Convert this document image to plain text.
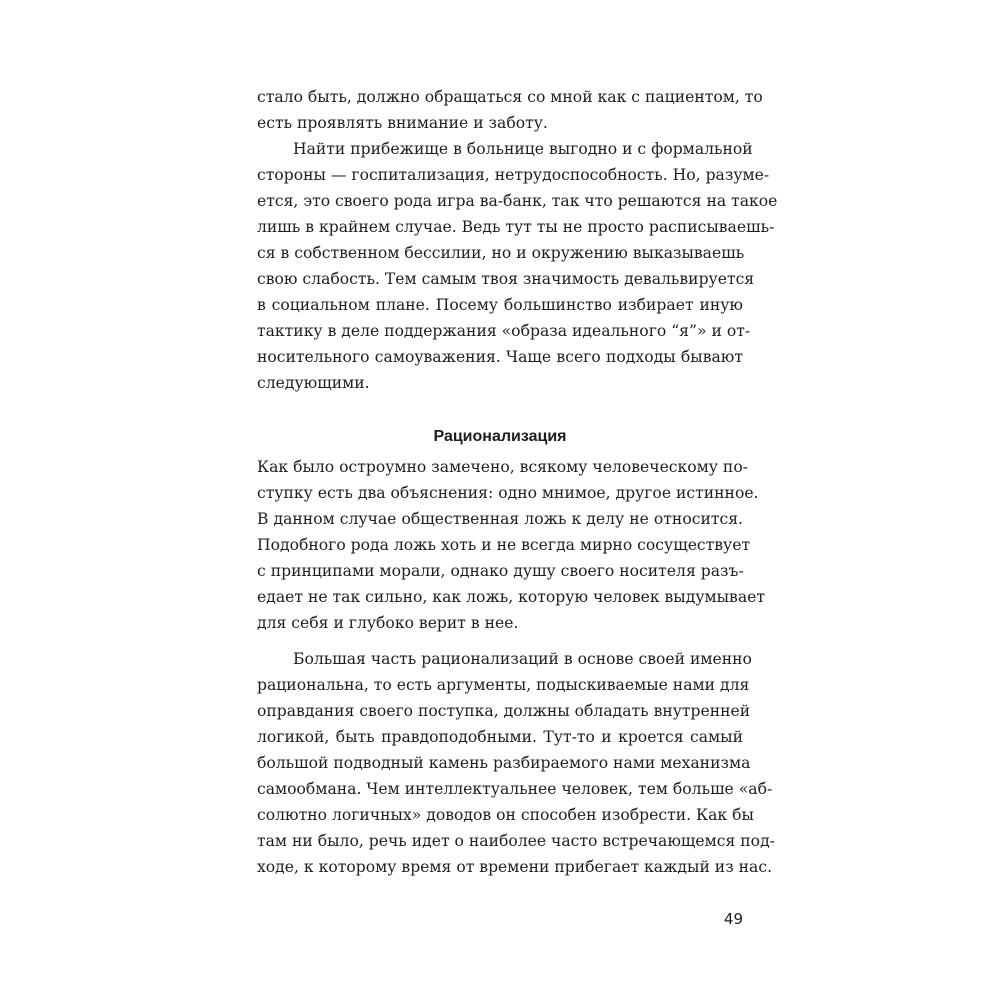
стало быть, должно обращаться со мной как с пациентом, то
есть проявлять внимание и заботу.
Найти прибежище в больнице выгодно и с формальной
стороны — госпитализация, нетрудоспособность. Но, разуме-
ется, это своего рода игра ва-банк, так что решаются на такое
лишь в крайнем случае. Ведь тут ты не просто расписываешь-
ся в собственном бессилии, но и окружению выказываешь
свою слабость. Тем самым твоя значимость девальвируется
в социальном плане. Посему большинство избирает иную
тактику в деле поддержания «образа идеального “я”» и от-
носительного самоуважения. Чаще всего подходы бывают
следующими.
Рационализация
Как было остроумно замечено, всякому человеческому по-
ступку есть два объяснения: одно мнимое, другое истинное.
В данном случае общественная ложь к делу не относится.
Подобного рода ложь хоть и не всегда мирно сосуществует
с принципами морали, однако душу своего носителя разъ-
едает не так сильно, как ложь, которую человек выдумывает
для себя и глубоко верит в нее.
Большая часть рационализаций в основе своей именно
рациональна, то есть аргументы, подыскиваемые нами для
оправдания своего поступка, должны обладать внутренней
логикой, быть правдоподобными. Тут-то и кроется самый
большой подводный камень разбираемого нами механизма
самообмана. Чем интеллектуальнее человек, тем больше «аб-
солютно логичных» доводов он способен изобрести. Как бы
там ни было, речь идет о наиболее часто встречающемся под-
ходе, к которому время от времени прибегает каждый из нас.
49
